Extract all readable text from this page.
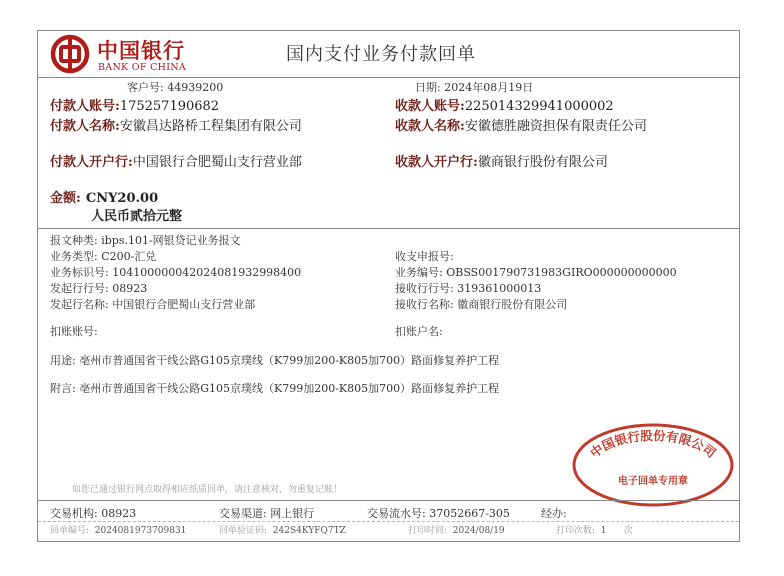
中国银行
BANK OF CHINA
国内支付业务付款回单
客户号: 44939200	日期: 2024年08月19日
付款人账号:175257190682
付款人名称:安徽昌达路桥工程集团有限公司
付款人开户行:中国银行合肥蜀山支行营业部
收款人账号:225014329941000002
收款人名称:安徽德胜融资担保有限责任公司
收款人开户行:徽商银行股份有限公司
金额: CNY20.00
人民币贰拾元整
报文种类: ibps.101-网银贷记业务报文
业务类型: C200-汇兑
业务标识号: 104100000042024081932998400
发起行行号: 08923
发起行名称: 中国银行合肥蜀山支行营业部
扣账账号:
收支申报号:
业务编号: OBSS001790731983GIRO000000000000
接收行行号: 319361000013
接收行名称: 徽商银行股份有限公司
扣账户名:
用途: 亳州市普通国省干线公路G105京璞线（K799加200-K805加700）路面修复养护工程
附言: 亳州市普通国省干线公路G105京璞线（K799加200-K805加700）路面修复养护工程
如您已通过银行网点取得相应纸质回单，请注意核对，勿重复记账！
中国银行股份有限公司
电子回单专用章
交易机构: 08923	交易渠道: 网上银行	交易流水号: 37052667-305	经办:
回单编号: 20240819737098​31	回单验证码: 242S4KYFQ7TZ	打印时间: 2024/08/19	打印次数: 1 次
